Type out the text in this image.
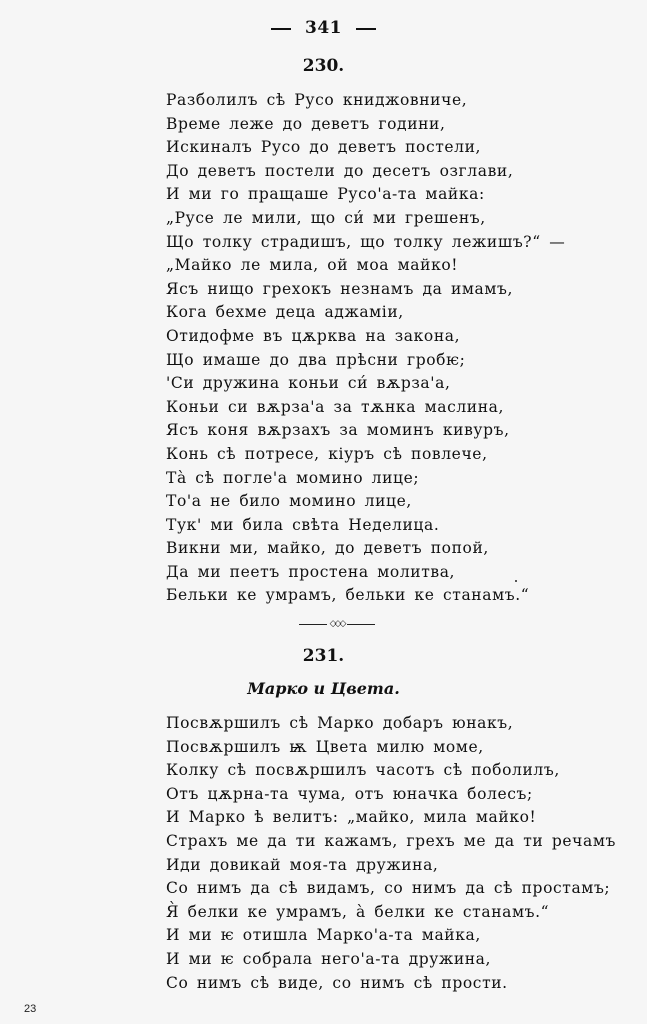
341
230.
Разболилъ сѣ Русо книджовниче,
Време леже до деветъ години,
Искиналъ Русо до деветъ постели,
До деветъ постели до десетъ озглави,
И ми го пращаше Русо'а-та майка:
„Русе ле мили, що си́ ми грешенъ,
Що толку страдишъ, що толку лежишъ?“ —
„Майко ле мила, ой моа майко!
Ясъ нищо грехокъ незнамъ да имамъ,
Кога бехме деца аджамiи,
Отидофме въ цѫрква на закона,
Що имаше до два прѣсни гробѥ;
'Си дружина коньи си́ вѫрза'а,
Коньи си вѫрза'а за тѫнка маслина,
Ясъ коня вѫрзахъ за моминъ кивуръ,
Конь сѣ потресе, кiуръ сѣ повлече,
Тà сѣ погле'а момино лице;
То'а не било момино лице,
Тук' ми била свѣта Неделица.
Викни ми, майко, до деветъ попой,
Да ми пеетъ простена молитва,
Бельки ке умрамъ, бельки ке станамъ.“
◇◇◇
231.
Марко и Цвета.
Посвѫршилъ сѣ Марко добаръ юнакъ,
Посвѫршилъ ѭ Цвета милю моме,
Колку сѣ посвѫршилъ часотъ сѣ поболилъ,
Отъ цѫрна-та чума, отъ юначка болесъ;
И Марко ѣ велитъ: „майко, мила майко!
Страхъ ме да ти кажамъ, грехъ ме да ти речамъ
Иди довикай моя-та дружина,
Со нимъ да сѣ видамъ, со нимъ да сѣ простамъ;
Я̀ белки ке умрамъ, à белки ке станамъ.“
И ми ѥ отишла Марко'а-та майка,
И ми ѥ собрала него'а-та дружина,
Со нимъ сѣ виде, со нимъ сѣ прости.
23
